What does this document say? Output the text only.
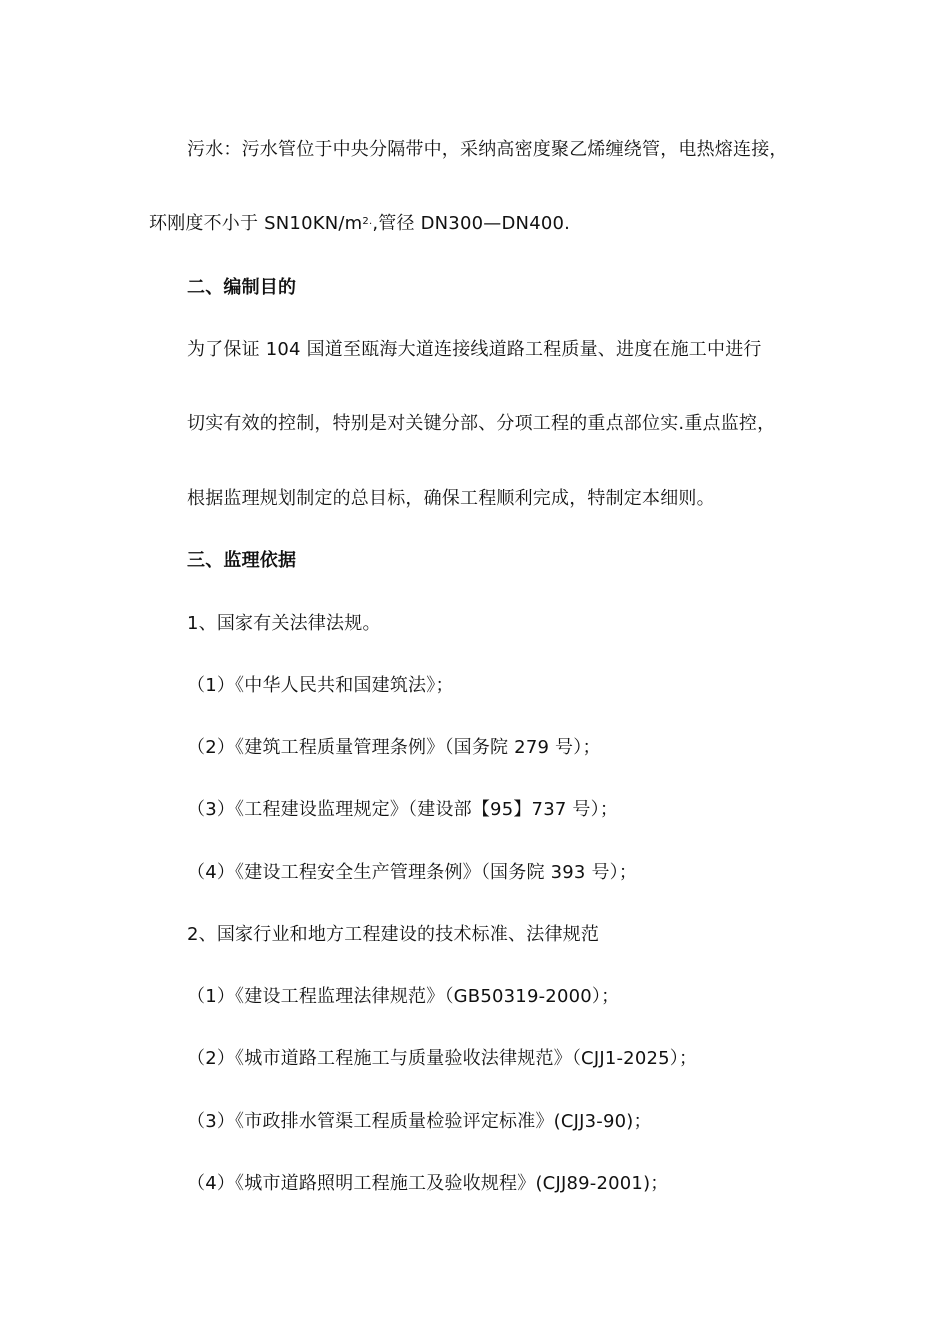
污水：污水管位于中央分隔带中，采纳高密度聚乙烯缠绕管，电热熔连接，
环刚度不小于 $SN10KN/m^{2.}$,管径 DN300—DN400.
二、编制目的
为了保证 104 国道至瓯海大道连接线道路工程质量、进度在施工中进行
切实有效的控制，特别是对关键分部、分项工程的重点部位实.重点监控，
根据监理规划制定的总目标，确保工程顺利完成，特制定本细则。
三、监理依据
1、国家有关法律法规。
（1）《中华人民共和国建筑法》；
（2）《建筑工程质量管理条例》（国务院 279 号）；
（3）《工程建设监理规定》（建设部【95】737 号）；
（4）《建设工程安全生产管理条例》（国务院 393 号）；
2、国家行业和地方工程建设的技术标准、法律规范
（1）《建设工程监理法律规范》（GB50319-2000）；
（2）《城市道路工程施工与质量验收法律规范》（CJJ1-2025）；
（3）《市政排水管渠工程质量检验评定标准》(CJJ3-90)；
（4）《城市道路照明工程施工及验收规程》(CJJ89-2001)；
